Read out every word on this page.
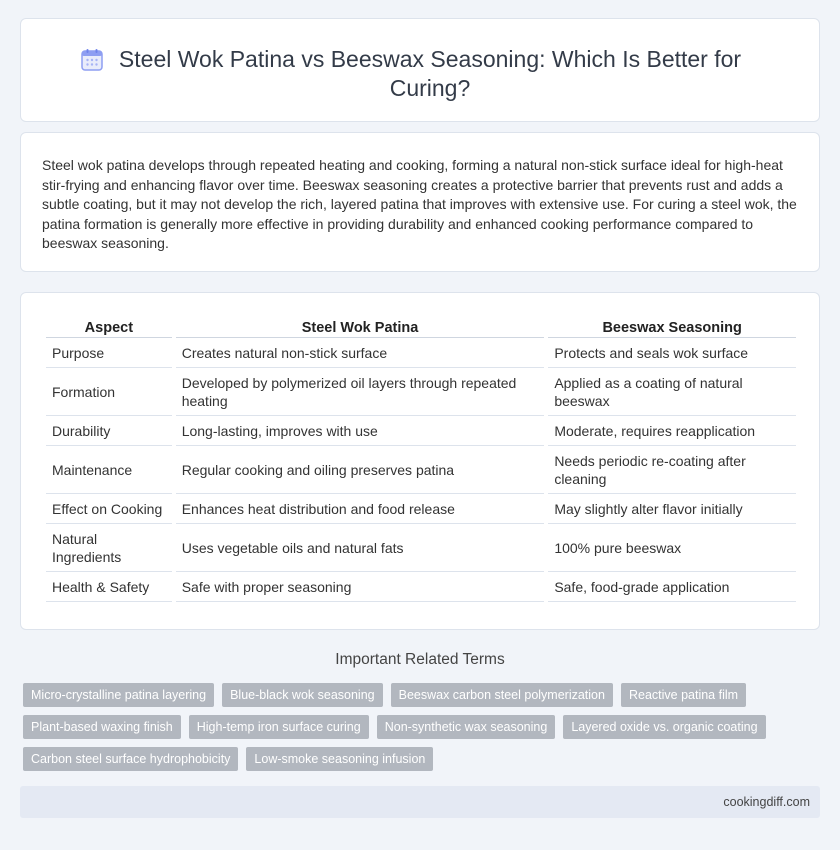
Steel Wok Patina vs Beeswax Seasoning: Which Is Better for Curing?

Steel wok patina develops through repeated heating and cooking, forming a natural non-stick surface ideal for high-heat stir-frying and enhancing flavor over time. Beeswax seasoning creates a protective barrier that prevents rust and adds a subtle coating, but it may not develop the rich, layered patina that improves with extensive use. For curing a steel wok, the patina formation is generally more effective in providing durability and enhanced cooking performance compared to beeswax seasoning.

Aspect	Steel Wok Patina	Beeswax Seasoning
Purpose	Creates natural non-stick surface	Protects and seals wok surface
Formation	Developed by polymerized oil layers through repeated heating	Applied as a coating of natural beeswax
Durability	Long-lasting, improves with use	Moderate, requires reapplication
Maintenance	Regular cooking and oiling preserves patina	Needs periodic re-coating after cleaning
Effect on Cooking	Enhances heat distribution and food release	May slightly alter flavor initially
Natural Ingredients	Uses vegetable oils and natural fats	100% pure beeswax
Health & Safety	Safe with proper seasoning	Safe, food-grade application
Important Related Terms
Micro-crystalline patina layering	Blue-black wok seasoning	Beeswax carbon steel polymerization	Reactive patina film
Plant-based waxing finish	High-temp iron surface curing	Non-synthetic wax seasoning	Layered oxide vs. organic coating
Carbon steel surface hydrophobicity	Low-smoke seasoning infusion
cookingdiff.com
